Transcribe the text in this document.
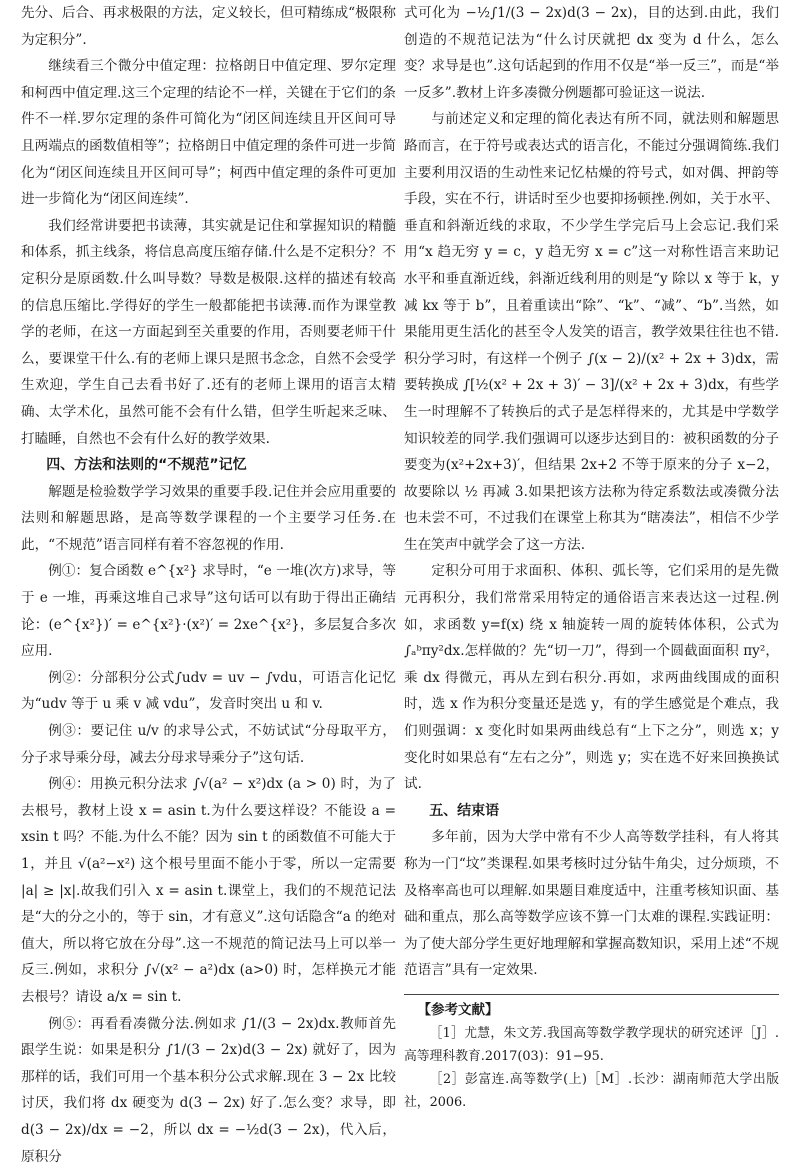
先分、后合、再求极限的方法，定义较长，但可精练成“极限称为定积分”.

继续看三个微分中值定理：拉格朗日中值定理、罗尔定理和柯西中值定理.这三个定理的结论不一样，关键在于它们的条件不一样.罗尔定理的条件可简化为“闭区间连续且开区间可导且两端点的函数值相等”；拉格朗日中值定理的条件可进一步简化为“闭区间连续且开区间可导”；柯西中值定理的条件可更加进一步简化为“闭区间连续”.

我们经常讲要把书读薄，其实就是记住和掌握知识的精髓和体系，抓主线条，将信息高度压缩存储.什么是不定积分？不定积分是原函数.什么叫导数？导数是极限.这样的描述有较高的信息压缩比.学得好的学生一般都能把书读薄.而作为课堂教学的老师，在这一方面起到至关重要的作用，否则要老师干什么，要课堂干什么.有的老师上课只是照书念念，自然不会受学生欢迎，学生自己去看书好了.还有的老师上课用的语言太精确、太学术化，虽然可能不会有什么错，但学生听起来乏味、打瞌睡，自然也不会有什么好的教学效果.

四、方法和法则的“不规范”记忆

解题是检验数学学习效果的重要手段.记住并会应用重要的法则和解题思路，是高等数学课程的一个主要学习任务.在此，“不规范”语言同样有着不容忽视的作用.

例①：复合函数 e^{x²} 求导时，“e 一堆(次方)求导，等于 e 一堆，再乘这堆自己求导”这句话可以有助于得出正确结论：(e^{x²})′ = e^{x²}·(x²)′ = 2xe^{x²}，多层复合多次应用.

例②：分部积分公式∫udv = uv − ∫vdu，可语言化记忆为“udv 等于 u 乘 v 减 vdu”，发音时突出 u 和 v.

例③：要记住 u/v 的求导公式，不妨试试“分母取平方，分子求导乘分母，减去分母求导乘分子”这句话.

例④：用换元积分法求 ∫√(a² − x²)dx (a > 0) 时，为了去根号，教材上设 x = asin t.为什么要这样设？不能设 a = xsin t 吗？不能.为什么不能？因为 sin t 的函数值不可能大于 1，并且 √(a²−x²) 这个根号里面不能小于零，所以一定需要 |a| ≥ |x|.故我们引入 x = asin t.课堂上，我们的不规范记法是“大的分之小的，等于 sin，才有意义”.这句话隐含“a 的绝对值大，所以将它放在分母”.这一不规范的简记法马上可以举一反三.例如，求积分 ∫√(x² − a²)dx (a>0) 时，怎样换元才能去根号？请设 a/x = sin t.

例⑤：再看看凑微分法.例如求 ∫1/(3 − 2x)dx.教师首先跟学生说：如果是积分 ∫1/(3 − 2x)d(3 − 2x) 就好了，因为那样的话，我们可用一个基本积分公式求解.现在 3 − 2x 比较讨厌，我们将 dx 硬变为 d(3 − 2x) 好了.怎么变？求导，即 d(3 − 2x)/dx = −2，所以 dx = −½d(3 − 2x)，代入后，原积分

式可化为 −½∫1/(3 − 2x)d(3 − 2x)，目的达到.由此，我们创造的不规范记法为“什么讨厌就把 dx 变为 d 什么，怎么变？求导是也”.这句话起到的作用不仅是“举一反三”，而是“举一反多”.教材上许多凑微分例题都可验证这一说法.

与前述定义和定理的简化表达有所不同，就法则和解题思路而言，在于符号或表达式的语言化，不能过分强调简练.我们主要利用汉语的生动性来记忆枯燥的符号式，如对偶、押韵等手段，实在不行，讲话时至少也要抑扬顿挫.例如，关于水平、垂直和斜渐近线的求取，不少学生学完后马上会忘记.我们采用“x 趋无穷 y = c，y 趋无穷 x = c”这一对称性语言来助记水平和垂直渐近线，斜渐近线利用的则是“y 除以 x 等于 k，y 减 kx 等于 b”，且着重读出“除”、“k”、“减”、“b”.当然，如果能用更生活化的甚至令人发笑的语言，教学效果往往也不错.积分学习时，有这样一个例子 ∫(x − 2)/(x² + 2x + 3)dx，需要转换成 ∫[½(x² + 2x + 3)′ − 3]/(x² + 2x + 3)dx，有些学生一时理解不了转换后的式子是怎样得来的，尤其是中学数学知识较差的同学.我们强调可以逐步达到目的：被积函数的分子要变为(x²+2x+3)′，但结果 2x+2 不等于原来的分子 x−2，故要除以 ½ 再减 3.如果把该方法称为待定系数法或凑微分法也未尝不可，不过我们在课堂上称其为“瞎凑法”，相信不少学生在笑声中就学会了这一方法.

定积分可用于求面积、体积、弧长等，它们采用的是先微元再积分，我们常常采用特定的通俗语言来表达这一过程.例如，求函数 y=f(x) 绕 x 轴旋转一周的旋转体体积，公式为 ∫ₐᵇπy²dx.怎样做的？先“切一刀”，得到一个圆截面面积 πy²，乘 dx 得微元，再从左到右积分.再如，求两曲线围成的面积时，选 x 作为积分变量还是选 y，有的学生感觉是个难点，我们则强调：x 变化时如果两曲线总有“上下之分”，则选 x；y 变化时如果总有“左右之分”，则选 y；实在选不好来回换换试试.

五、结束语

多年前，因为大学中常有不少人高等数学挂科，有人将其称为一门“坟”类课程.如果考核时过分钻牛角尖，过分烦琐，不及格率高也可以理解.如果题目难度适中，注重考核知识面、基础和重点，那么高等数学应该不算一门太难的课程.实践证明：为了使大部分学生更好地理解和掌握高数知识，采用上述“不规范语言”具有一定效果.

【参考文献】

［1］尤慧，朱文芳.我国高等数学教学现状的研究述评［J］.高等理科教育.2017(03)：91−95.

［2］彭富连.高等数学(上)［M］.长沙：湖南师范大学出版社，2006.
